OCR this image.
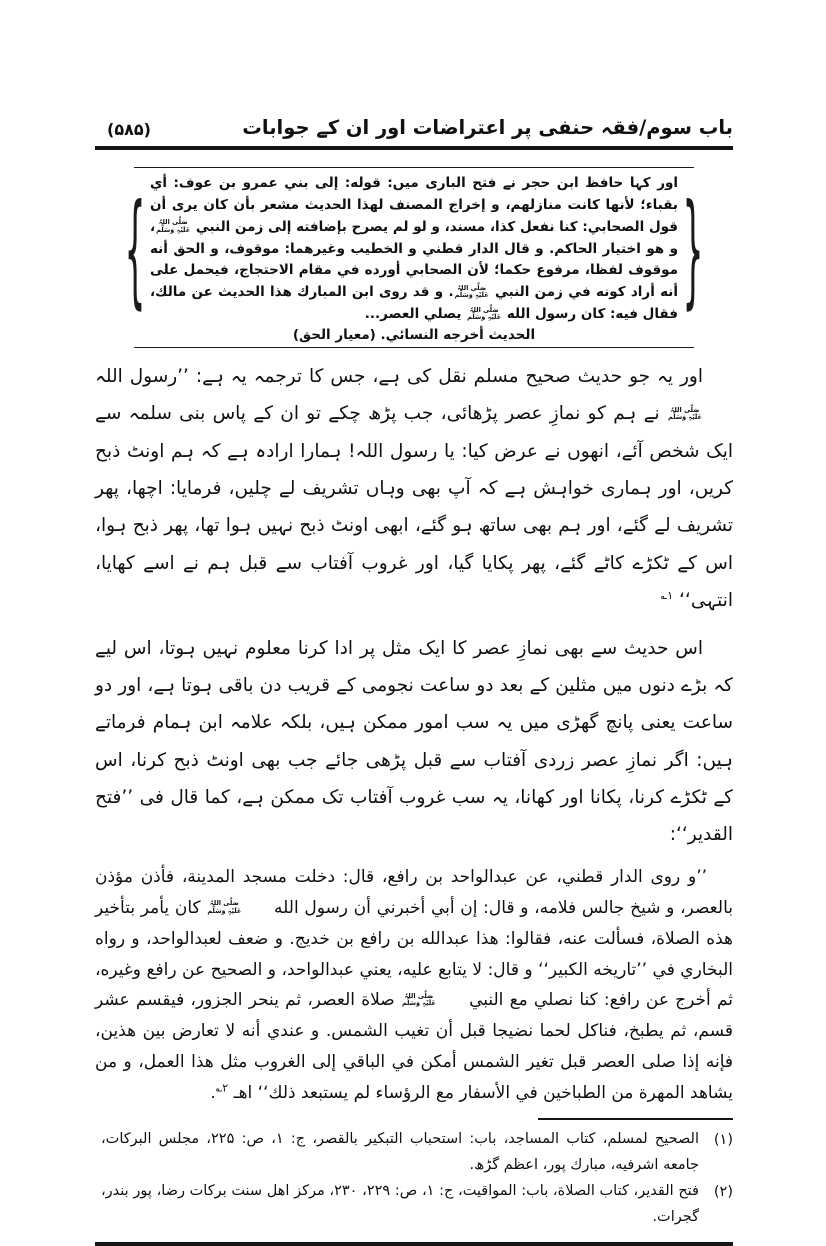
باب سوم/فقہ حنفی پر اعتراضات اور ان کے جوابات
(۵۸۵)
{	}

اور کہا حافظ ابن حجر نے فتح الباری میں: قوله: إلى بني عمرو بن عوف: أي بقباء؛ لأنها كانت منازلهم، و إخراج المصنف لهذا الحديث مشعر بأن كان يرى أن قول الصحابي: كنا نفعل كذا، مسند، و لو لم يصرح بإضافته إلى زمن النبي
صَلَّی اللہُ
عَلَیْہِ وَسَلَّم
، و هو اختيار الحاكم. و قال الدار قطني و الخطيب وغيرهما: موقوف، و الحق أنه موقوف لفظا، مرفوع حكما؛ لأن الصحابي أورده في مقام الاحتجاج، فيحمل على أنه أراد كونه في زمن النبي
صَلَّی اللہُ
عَلَیْہِ وَسَلَّم
. و قد روى ابن المبارك هذا الحديث عن مالك، فقال فيه: كان رسول الله
صَلَّی اللہُ
عَلَیْہِ وَسَلَّم
يصلي العصر...

الحديث أخرجه النسائي. (معيار الحق)

اور یہ جو حدیث صحیح مسلم نقل کی ہے، جس کا ترجمہ یہ ہے: ’’رسول اللہ
صَلَّی اللہُ
عَلَیْہِ وَسَلَّم
نے ہم کو نمازِ عصر پڑھائی، جب پڑھ چکے تو ان کے پاس بنی سلمہ سے ایک شخص آئے، انھوں نے عرض کیا: یا رسول اللہ! ہمارا ارادہ ہے کہ ہم اونٹ ذبح کریں، اور ہماری خواہش ہے کہ آپ بھی وہاں تشریف لے چلیں، فرمایا: اچھا، پھر تشریف لے گئے، اور ہم بھی ساتھ ہو گئے، ابھی اونٹ ذبح نہیں ہوا تھا، پھر ذبح ہوا، اس کے ٹکڑے کاٹے گئے، پھر پکایا گیا، اور غروب آفتاب سے قبل ہم نے اسے کھایا، انتہی‘‘ $^{۱؎}$

اس حدیث سے بھی نمازِ عصر کا ایک مثل پر ادا کرنا معلوم نہیں ہوتا، اس لیے کہ بڑے دنوں میں مثلین کے بعد دو ساعت نجومی کے قریب دن باقی ہوتا ہے، اور دو ساعت یعنی پانچ گھڑی میں یہ سب امور ممکن ہیں، بلکہ علامہ ابن ہمام فرماتے ہیں: اگر نمازِ عصر زردی آفتاب سے قبل پڑھی جائے جب بھی اونٹ ذبح کرنا، اس کے ٹکڑے کرنا، پکانا اور کھانا، یہ سب غروب آفتاب تک ممکن ہے، کما قال فی ’’فتح القدیر‘‘:

’’و روى الدار قطني، عن عبدالواحد بن رافع، قال: دخلت مسجد المدينة، فأذن مؤذن بالعصر، و شيخ جالس فلامه، و قال: إن أبي أخبرني أن رسول الله
صَلَّی اللہُ
عَلَیْہِ وَسَلَّم
كان يأمر بتأخير هذه الصلاة، فسألت عنه، فقالوا: هذا عبدالله بن رافع بن خديج. و ضعف لعبدالواحد، و رواه البخاري في ’’تاريخه الكبير‘‘ و قال: لا يتابع عليه، يعني عبدالواحد، و الصحيح عن رافع وغيره، ثم أخرج عن رافع: كنا نصلي مع النبي
صَلَّی اللہُ
عَلَیْہِ وَسَلَّم
صلاة العصر، ثم ينحر الجزور، فيقسم عشر قسم، ثم يطبخ، فناكل لحما نضيجا قبل أن تغيب الشمس. و عندي أنه لا تعارض بين هذين، فإنه إذا صلى العصر قبل تغير الشمس أمكن في الباقي إلى الغروب مثل هذا العمل، و من يشاهد المهرة من الطباخين في الأسفار مع الرؤساء لم يستبعد ذلك‘‘ اهـ $^{۲؎}$.

(۱)

الصحيح لمسلم، كتاب المساجد، باب: استحباب التبكير بالقصر، ج: ۱، ص: ۲۲۵، مجلس البركات، جامعه اشرفيه، مبارك پور، اعظم گڑھ.

(۲)

فتح القدير، كتاب الصلاة، باب: المواقيت، ج: ۱، ص: ۲۲۹، ۲۳۰، مركز اهل سنت بركات رضا، پور بندر، گجرات.
